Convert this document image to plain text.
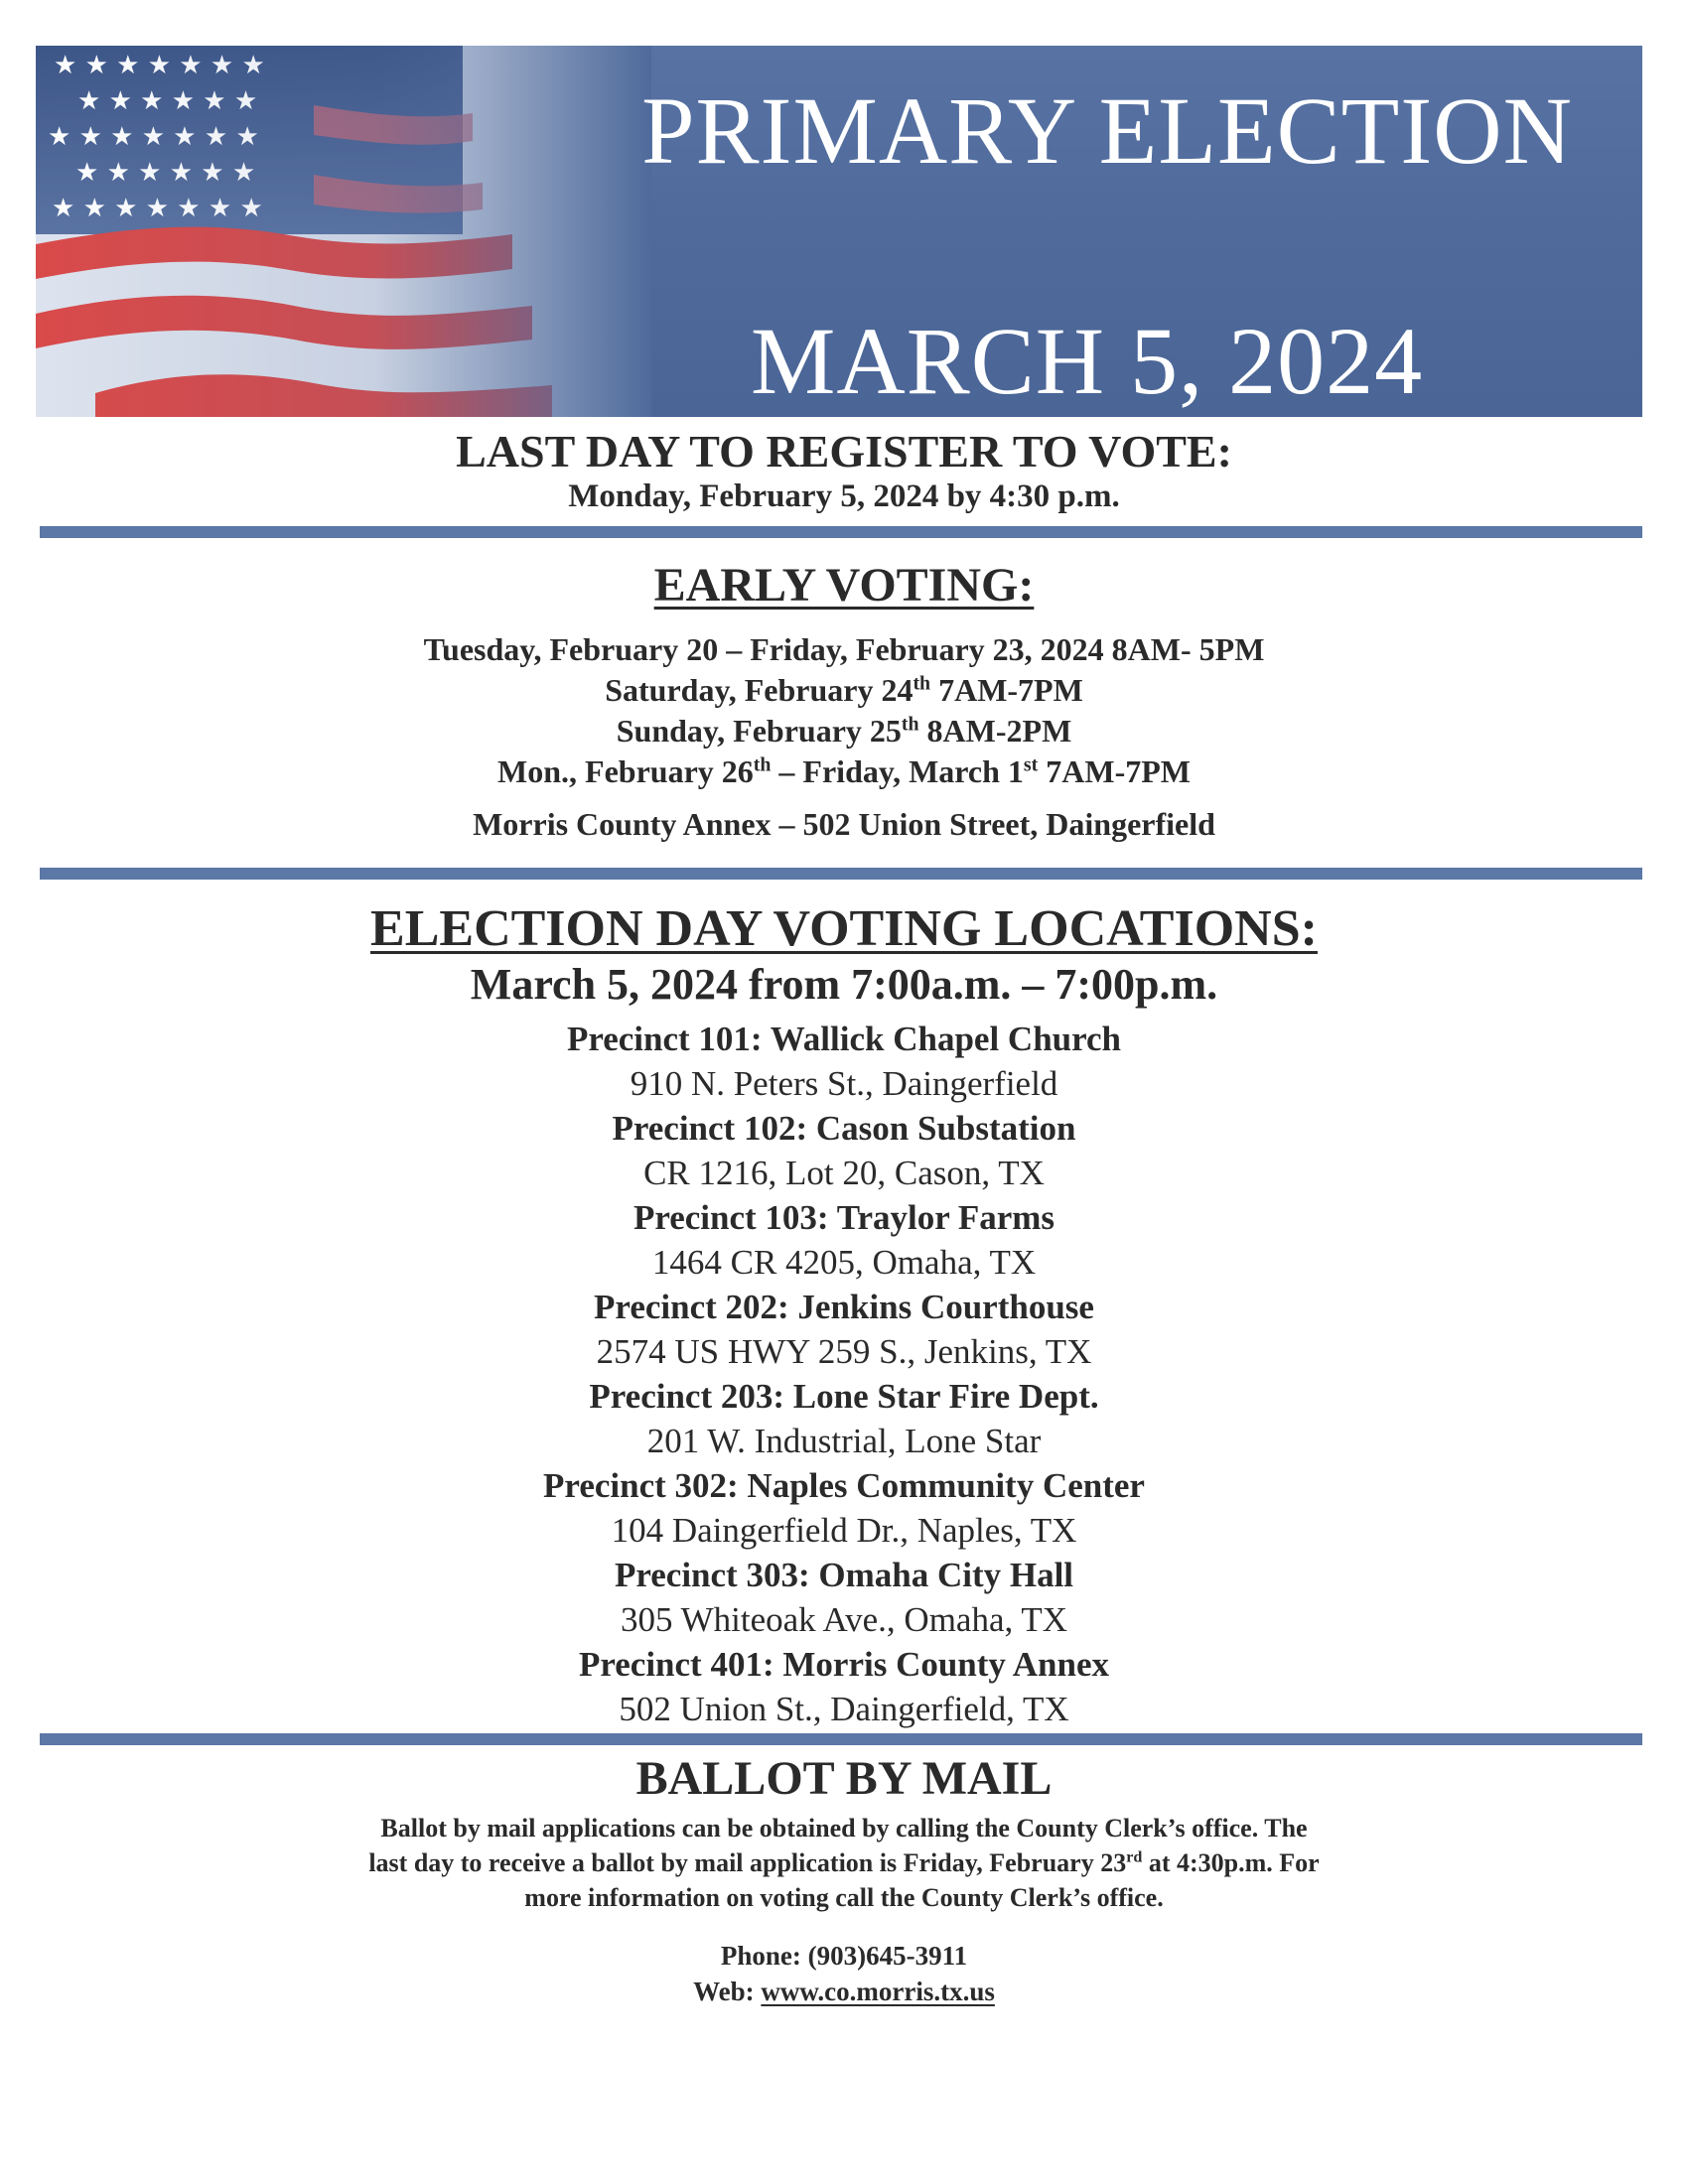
PRIMARY ELECTION
MARCH 5, 2024
LAST DAY TO REGISTER TO VOTE:
Monday, February 5, 2024 by 4:30 p.m.
EARLY VOTING:
Tuesday, February 20 – Friday, February 23, 2024 8AM- 5PM
Saturday, February 24th 7AM-7PM
Sunday, February 25th 8AM-2PM
Mon., February 26th – Friday, March 1st 7AM-7PM
Morris County Annex – 502 Union Street, Daingerfield
ELECTION DAY VOTING LOCATIONS:
March 5, 2024 from 7:00a.m. – 7:00p.m.
Precinct 101: Wallick Chapel Church
910 N. Peters St., Daingerfield
Precinct 102: Cason Substation
CR 1216, Lot 20, Cason, TX
Precinct 103: Traylor Farms
1464 CR 4205, Omaha, TX
Precinct 202: Jenkins Courthouse
2574 US HWY 259 S., Jenkins, TX
Precinct 203: Lone Star Fire Dept.
201 W. Industrial, Lone Star
Precinct 302: Naples Community Center
104 Daingerfield Dr., Naples, TX
Precinct 303: Omaha City Hall
305 Whiteoak Ave., Omaha, TX
Precinct 401: Morris County Annex
502 Union St., Daingerfield, TX
BALLOT BY MAIL
Ballot by mail applications can be obtained by calling the County Clerk’s office. The
last day to receive a ballot by mail application is Friday, February 23rd at 4:30p.m. For
more information on voting call the County Clerk’s office.
Phone: (903)645-3911
Web: www.co.morris.tx.us
